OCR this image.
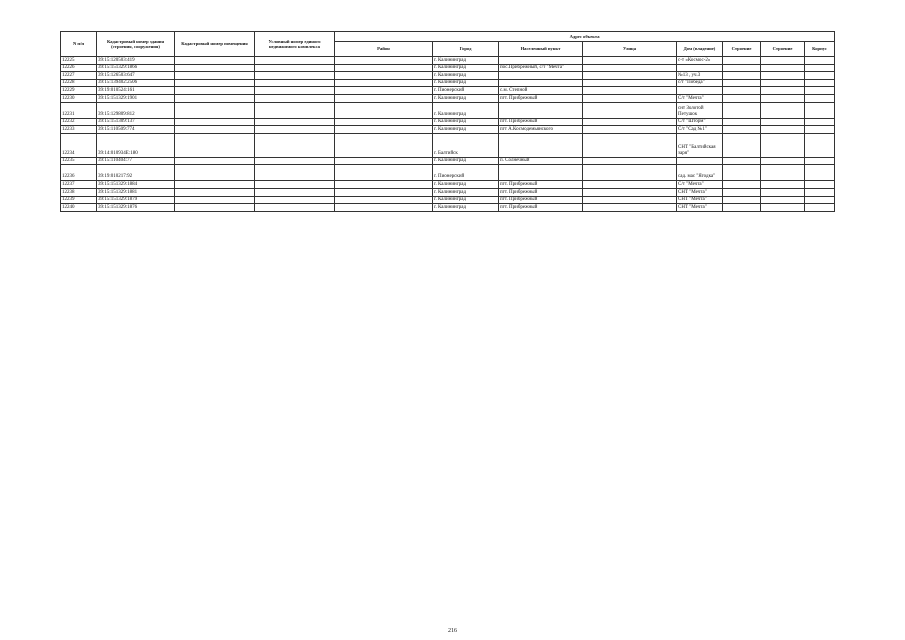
N п/п	Кадастровый номер здания (строения, сооружения)	Кадастровый номер помещения	Условный номер единого недвижимого комплекса	Адрес объекта							
				Район	Город	Населенный пункт	Улица	Дом (владение)	Строение	Строение	Корпус
12225	39:15:120503:419				г. Калининград			с-т «Космос-2»			
12226	39:15:151329:1866				г. Калининград	пос.Прибрежный, с/т "Мечта"					
12227	39:15:126503:647				г. Калининград			№13 , уч.3			
12228	39:15:139402:2506				г. Калининград			с/т "Победа"			
12229	39:19:010524:161				г. Пионерский	с.м. Степной					
12230	39:15:151329:1901				г. Калининград	пгт. Прибрежный		С/т "Мечта"			
12231	39:15:129809:812				г. Калининград			снт Золотой Петушок			
12232	39:15:151309:137				г. Калининград	пгт. Прибрежный		С/т "Шторм"			
12233	39:15:110509:774				г. Калининград	пгт А.Космодемьянского		С/т "Сад №1"			
12234	39:14:010934E:180				г. Балтийск			СНТ "Балтийская заря"			
12235	39:15:110404:77				г. Калининград	п. Солнечный					
12236	39:19:010217:92				г. Пионерский			сад. мас "Ягодка"			
12237	39:15:151329:1884				г. Калининград	пгт. Прибрежный		С/т "Мечта"			
12238	39:15:151329:1881				г. Калининград	пгт. Прибрежный		СНТ "Мечта"			
12239	39:15:151329:1879				г. Калининград	пгт. Прибрежный		СНТ "Мечта"			
12240	39:15:151329:1876				г. Калининград	пгт. Прибрежный		СНТ "Мечта"			
216
